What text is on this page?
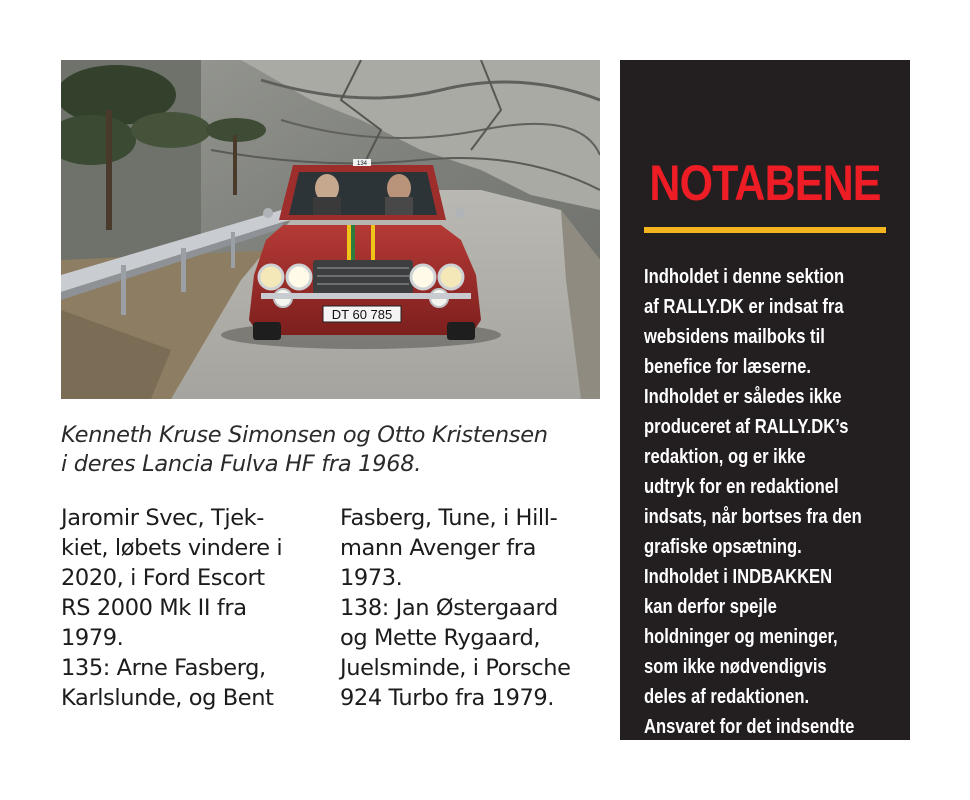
134
DT 60 785

Kenneth Kruse Simonsen og Otto Kristensen
i deres Lancia Fulva HF fra 1968.

Jaromir Svec, Tjek-
kiet, løbets vindere i
2020, i Ford Escort
RS 2000 Mk II fra
1979.
135: Arne Fasberg,
Karlslunde, og Bent
Fasberg, Tune, i Hill-
mann Avenger fra
1973.
138: Jan Østergaard
og Mette Rygaard,
Juelsminde, i Porsche
924 Turbo fra 1979.
NOTABENE
Indholdet i denne sektion
af RALLY.DK er indsat fra
websidens mailboks til
benefice for læserne.
Indholdet er således ikke
produceret af RALLY.DK’s
redaktion, og er ikke
udtryk for en redaktionel
indsats, når bortses fra den
grafiske opsætning.
Indholdet i INDBAKKEN
kan derfor spejle
holdninger og meninger,
som ikke nødvendigvis
deles af redaktionen.
Ansvaret for det indsendte
påhviler alene afsenderne.
